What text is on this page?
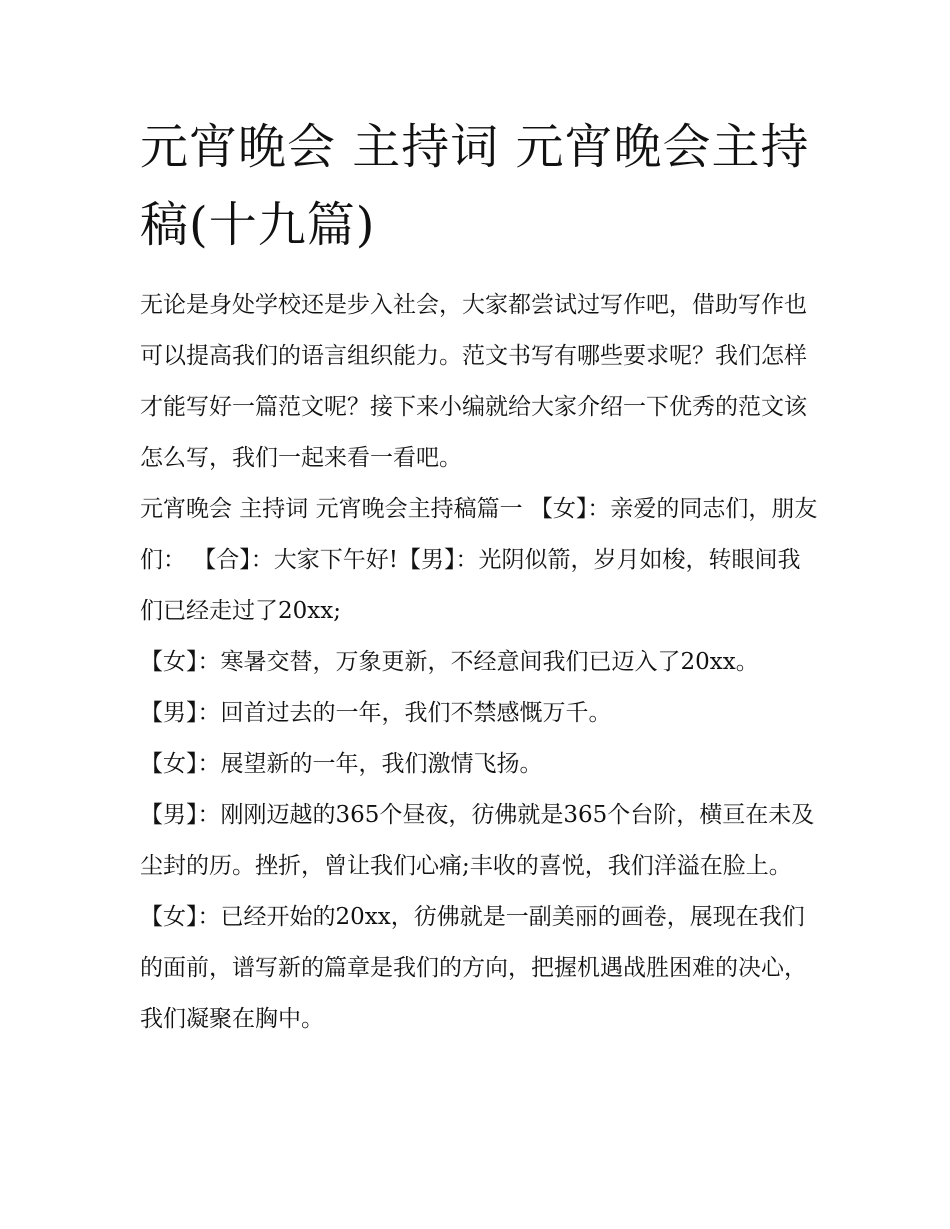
元宵晚会 主持词 元宵晚会主持稿(十九篇)

无论是身处学校还是步入社会，大家都尝试过写作吧，借助写作也可以提高我们的语言组织能力。范文书写有哪些要求呢？我们怎样才能写好一篇范文呢？接下来小编就给大家介绍一下优秀的范文该怎么写，我们一起来看一看吧。

元宵晚会 主持词 元宵晚会主持稿篇一 【女】：亲爱的同志们，朋友们： 【合】：大家下午好!【男】：光阴似箭，岁月如梭，转眼间我们已经走过了20xx;

【女】：寒暑交替，万象更新，不经意间我们已迈入了20xx。 【男】：回首过去的一年，我们不禁感慨万千。

【女】：展望新的一年，我们激情飞扬。

【男】：刚刚迈越的365个昼夜，彷佛就是365个台阶，横亘在未及尘封的历。挫折，曾让我们心痛;丰收的喜悦，我们洋溢在脸上。

【女】：已经开始的20xx，彷佛就是一副美丽的画卷，展现在我们的面前，谱写新的篇章是我们的方向，把握机遇战胜困难的决心，我们凝聚在胸中。
